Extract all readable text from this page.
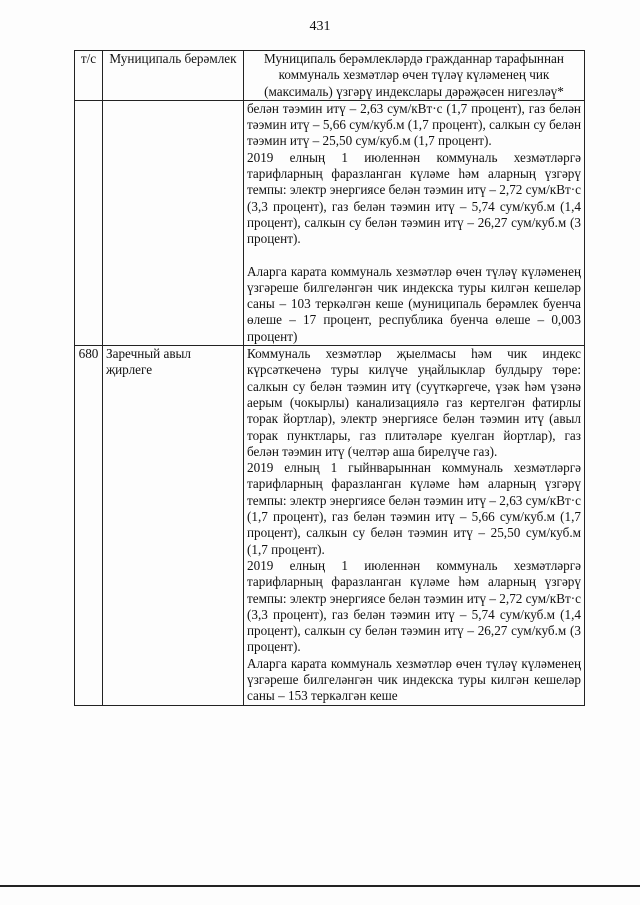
431
т/с	Муниципаль берәмлек	Муниципаль берәмлекләрдә гражданнар тарафыннан коммуналь хезмәтләр өчен түләү күләменең чик (максималь) үзгәрү индекслары дәрәҗәсен нигезләү*

		белән тәэмин итү – 2,63 сум/кВт·с (1,7 процент), газ белән тәэмин итү – 5,66 сум/куб.м (1,7 процент), салкын су белән тәэмин итү – 25,50 сум/куб.м (1,7 процент).

2019 елның 1 июленнән коммуналь хезмәтләргә тарифларның фаразланган күләме һәм аларның үзгәрү темпы: электр энергиясе белән тәэмин итү – 2,72 сум/кВт·с (3,3 процент), газ белән тәэмин итү – 5,74 сум/куб.м (1,4 процент), салкын су белән тәэмин итү – 26,27 сум/куб.м (3 процент).

Аларга карата коммуналь хезмәтләр өчен түләү күләменең үзгәреше билгеләнгән чик индекска туры килгән кешеләр саны – 103 теркәлгән кеше (муниципаль берәмлек буенча өлеше – 17 процент, республика буенча өлеше – 0,003 процент)

680	Заречный авыл җирлеге	Коммуналь хезмәтләр җыелмасы һәм чик индекс күрсәткеченә туры килүче уңайлыклар булдыру төре: салкын су белән тәэмин итү (суүткәргече, үзәк һәм үзәнә аерым (чокырлы) канализациялә газ кертелгән фатирлы торак йортлар), электр энергиясе белән тәэмин итү (авыл торак пунктлары, газ плитәләре куелган йортлар), газ белән тәэмин итү (челтәр аша бирелүче газ).

2019 елның 1 гыйнварыннан коммуналь хезмәтләргә тарифларның фаразланган күләме һәм аларның үзгәрү темпы: электр энергиясе белән тәэмин итү – 2,63 сум/кВт·с (1,7 процент), газ белән тәэмин итү – 5,66 сум/куб.м (1,7 процент), салкын су белән тәэмин итү – 25,50 сум/куб.м (1,7 процент).

2019 елның 1 июленнән коммуналь хезмәтләргә тарифларның фаразланган күләме һәм аларның үзгәрү темпы: электр энергиясе белән тәэмин итү – 2,72 сум/кВт·с (3,3 процент), газ белән тәэмин итү – 5,74 сум/куб.м (1,4 процент), салкын су белән тәэмин итү – 26,27 сум/куб.м (3 процент).

Аларга карата коммуналь хезмәтләр өчен түләү күләменең үзгәреше билгеләнгән чик индекска туры килгән кешеләр саны – 153 теркәлгән кеше
